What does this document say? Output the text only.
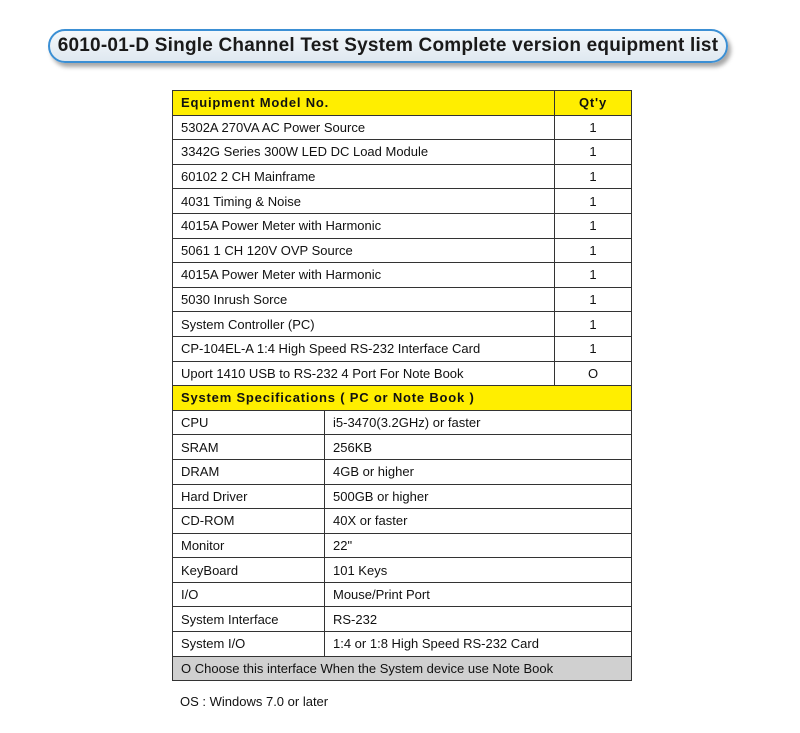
6010-01-D Single Channel Test System Complete version equipment list
Equipment Model No.		Qt'y
5302A 270VA AC Power Source		1
3342G Series 300W LED DC Load Module		1
60102 2 CH Mainframe		1
4031 Timing & Noise		1
4015A Power Meter with Harmonic		1
5061 1 CH 120V OVP Source		1
4015A Power Meter with Harmonic		1
5030 Inrush Sorce		1
System Controller (PC)		1
CP-104EL-A 1:4 High Speed RS-232 Interface Card		1
Uport 1410 USB to RS-232 4 Port For Note Book		O
System Specifications ( PC or Note Book )		
CPU	i5-3470(3.2GHz) or faster	
SRAM	256KB	
DRAM	4GB or higher	
Hard Driver	500GB or higher	
CD-ROM	40X or faster	
Monitor	22"	
KeyBoard	101 Keys	
I/O	Mouse/Print Port	
System Interface	RS-232	
System I/O	1:4 or 1:8 High Speed RS-232 Card	
O Choose this interface When the System device use Note Book		
OS : Windows 7.0 or later
